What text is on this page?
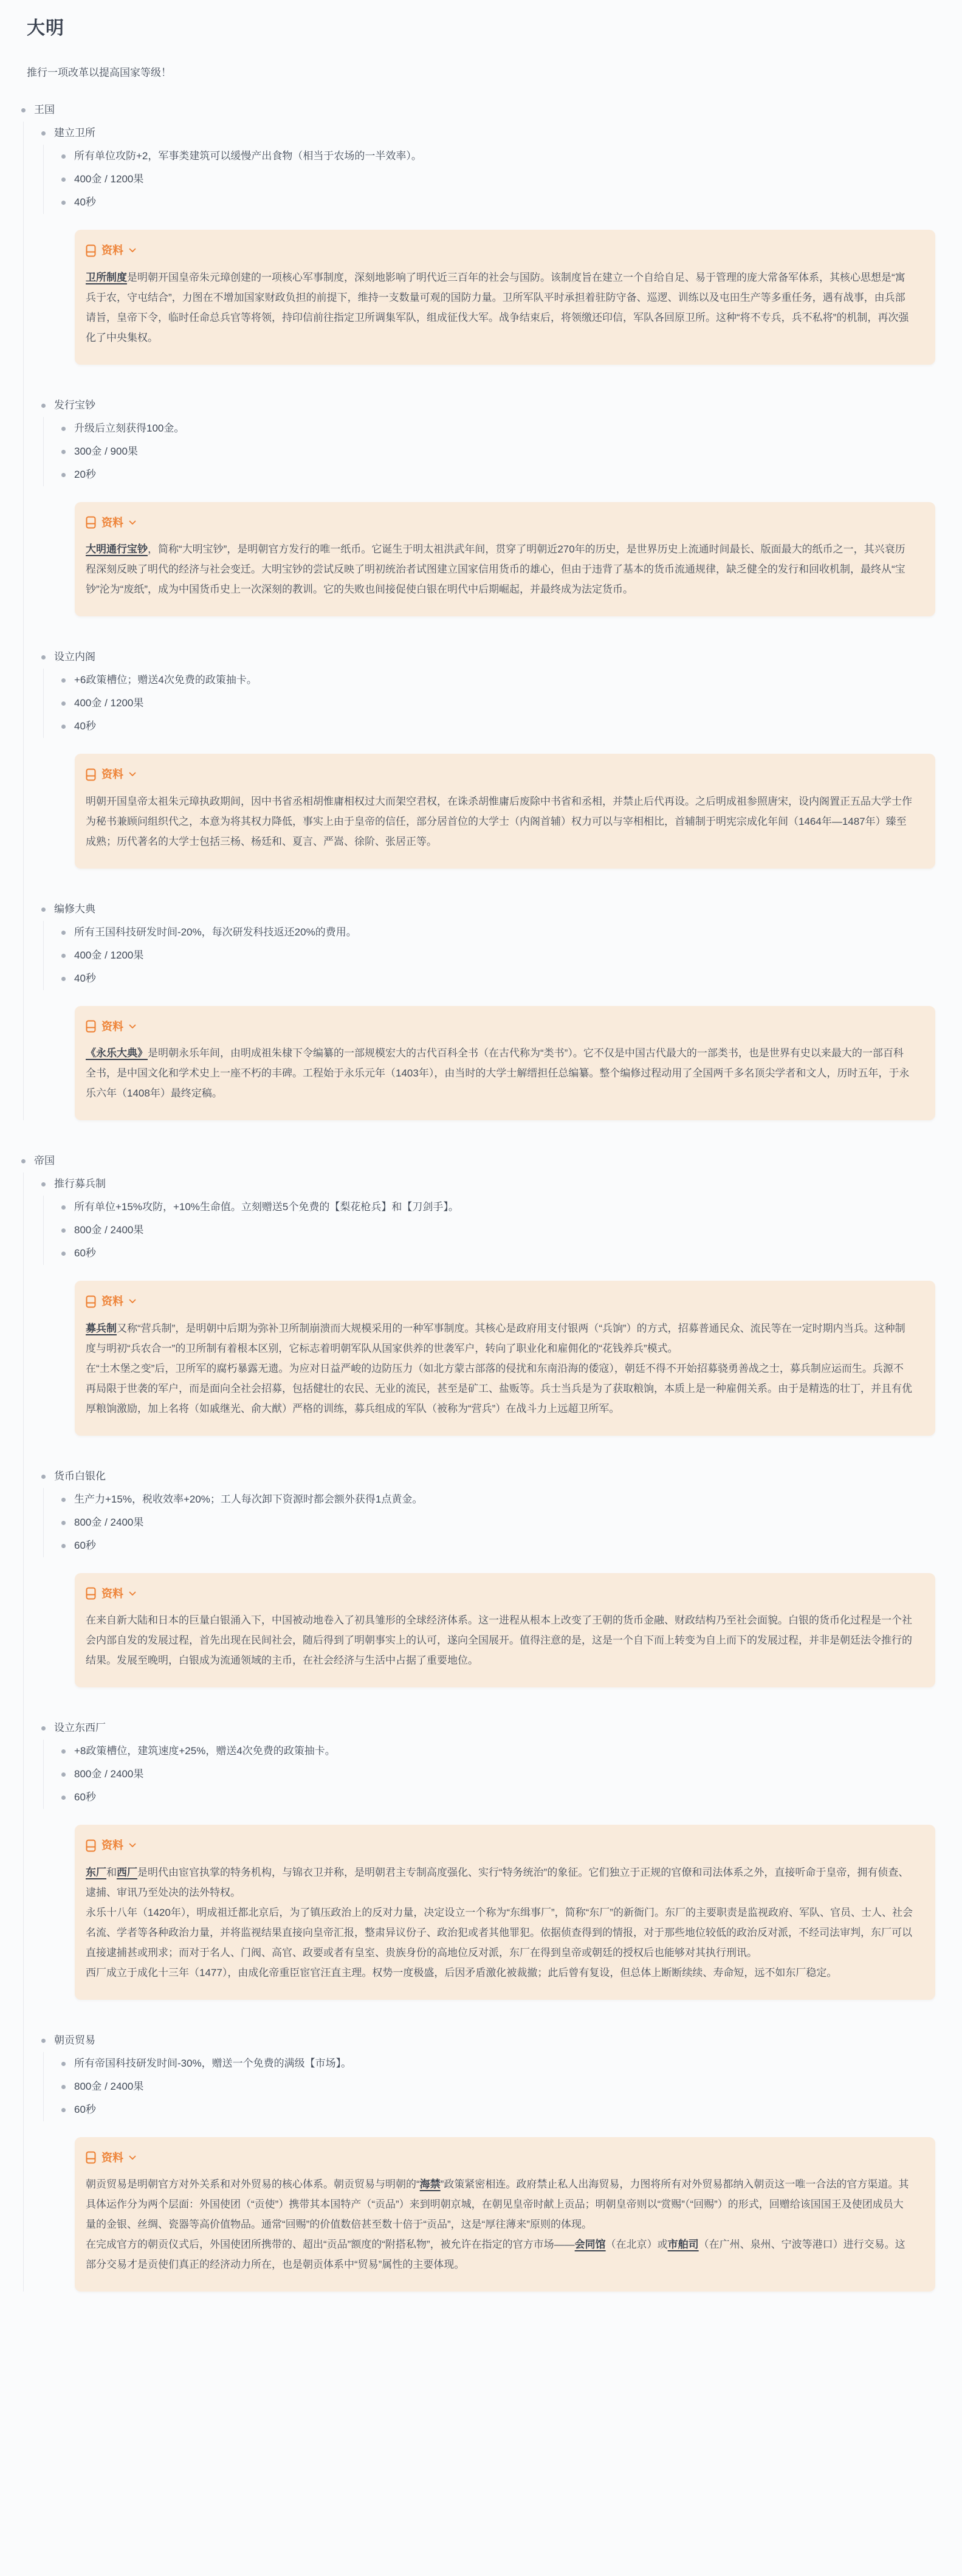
大明

推行一项改革以提高国家等级！

王国
建立卫所
所有单位攻防+2，军事类建筑可以缓慢产出食物（相当于农场的一半效率）。
400金 / 1200果
40秒
资料

卫所制度是明朝开国皇帝朱元璋创建的一项核心军事制度，深刻地影响了明代近三百年的社会与国防。该制度旨在建立一个自给自足、易于管理的庞大常备军体系，其核心思想是“寓兵于农，守屯结合”，力图在不增加国家财政负担的前提下，维持一支数量可观的国防力量。卫所军队平时承担着驻防守备、巡逻、训练以及屯田生产等多重任务，遇有战事，由兵部请旨，皇帝下令，临时任命总兵官等将领，持印信前往指定卫所调集军队，组成征伐大军。战争结束后，将领缴还印信，军队各回原卫所。这种“将不专兵，兵不私将”的机制，再次强化了中央集权。

发行宝钞
升级后立刻获得100金。
300金 / 900果
20秒
资料

大明通行宝钞，简称“大明宝钞”，是明朝官方发行的唯一纸币。它诞生于明太祖洪武年间，贯穿了明朝近270年的历史，是世界历史上流通时间最长、版面最大的纸币之一，其兴衰历程深刻反映了明代的经济与社会变迁。大明宝钞的尝试反映了明初统治者试图建立国家信用货币的雄心，但由于违背了基本的货币流通规律，缺乏健全的发行和回收机制，最终从“宝钞”沦为“废纸”，成为中国货币史上一次深刻的教训。它的失败也间接促使白银在明代中后期崛起，并最终成为法定货币。

设立内阁
+6政策槽位；赠送4次免费的政策抽卡。
400金 / 1200果
40秒
资料

明朝开国皇帝太祖朱元璋执政期间，因中书省丞相胡惟庸相权过大而架空君权，在诛杀胡惟庸后废除中书省和丞相，并禁止后代再设。之后明成祖参照唐宋，设内阁置正五品大学士作为秘书兼顾问组织代之，本意为将其权力降低，事实上由于皇帝的信任，部分居首位的大学士（内阁首辅）权力可以与宰相相比，首辅制于明宪宗成化年间（1464年—1487年）臻至成熟；历代著名的大学士包括三杨、杨廷和、夏言、严嵩、徐阶、张居正等。

编修大典
所有王国科技研发时间-20%，每次研发科技返还20%的费用。
400金 / 1200果
40秒
资料

《永乐大典》是明朝永乐年间，由明成祖朱棣下令编纂的一部规模宏大的古代百科全书（在古代称为“类书”）。它不仅是中国古代最大的一部类书，也是世界有史以来最大的一部百科全书，是中国文化和学术史上一座不朽的丰碑。工程始于永乐元年（1403年），由当时的大学士解缙担任总编纂。整个编修过程动用了全国两千多名顶尖学者和文人，历时五年，于永乐六年（1408年）最终定稿。

帝国
推行募兵制
所有单位+15%攻防，+10%生命值。立刻赠送5个免费的【梨花枪兵】和【刀剑手】。
800金 / 2400果
60秒
资料

募兵制又称“营兵制”，是明朝中后期为弥补卫所制崩溃而大规模采用的一种军事制度。其核心是政府用支付银两（“兵饷”）的方式，招募普通民众、流民等在一定时期内当兵。这种制度与明初“兵农合一”的卫所制有着根本区别，它标志着明朝军队从国家供养的世袭军户，转向了职业化和雇佣化的“花钱养兵”模式。

在“土木堡之变”后，卫所军的腐朽暴露无遗。为应对日益严峻的边防压力（如北方蒙古部落的侵扰和东南沿海的倭寇），朝廷不得不开始招募骁勇善战之士，募兵制应运而生。兵源不再局限于世袭的军户，而是面向全社会招募，包括健壮的农民、无业的流民，甚至是矿工、盐贩等。兵士当兵是为了获取粮饷，本质上是一种雇佣关系。由于是精选的壮丁，并且有优厚粮饷激励，加上名将（如戚继光、俞大猷）严格的训练，募兵组成的军队（被称为“营兵”）在战斗力上远超卫所军。

货币白银化
生产力+15%，税收效率+20%；工人每次卸下资源时都会额外获得1点黄金。
800金 / 2400果
60秒
资料

在来自新大陆和日本的巨量白银涌入下，中国被动地卷入了初具雏形的全球经济体系。这一进程从根本上改变了王朝的货币金融、财政结构乃至社会面貌。白银的货币化过程是一个社会内部自发的发展过程，首先出现在民间社会，随后得到了明朝事实上的认可，遂向全国展开。值得注意的是，这是一个自下而上转变为自上而下的发展过程，并非是朝廷法令推行的结果。发展至晚明，白银成为流通领域的主币，在社会经济与生活中占据了重要地位。

设立东西厂
+8政策槽位，建筑速度+25%，赠送4次免费的政策抽卡。
800金 / 2400果
60秒
资料

东厂和西厂是明代由宦官执掌的特务机构，与锦衣卫并称，是明朝君主专制高度强化、实行“特务统治”的象征。它们独立于正规的官僚和司法体系之外，直接听命于皇帝，拥有侦查、逮捕、审讯乃至处决的法外特权。

永乐十八年（1420年），明成祖迁都北京后，为了镇压政治上的反对力量，决定设立一个称为“东缉事厂”，简称“东厂”的新衙门。东厂的主要职责是监视政府、军队、官员、士人、社会名流、学者等各种政治力量，并将监视结果直接向皇帝汇报，整肃异议份子、政治犯或者其他罪犯。依据侦查得到的情报，对于那些地位较低的政治反对派，不经司法审判，东厂可以直接逮捕甚或刑求；而对于名人、门阀、高官、政要或者有皇室、贵族身份的高地位反对派，东厂在得到皇帝或朝廷的授权后也能够对其执行刑讯。

西厂成立于成化十三年（1477），由成化帝重臣宦官汪直主理。权势一度极盛，后因矛盾激化被裁撤；此后曾有复设，但总体上断断续续、寿命短，远不如东厂稳定。

朝贡贸易
所有帝国科技研发时间-30%，赠送一个免费的满级【市场】。
800金 / 2400果
60秒
资料

朝贡贸易是明朝官方对外关系和对外贸易的核心体系。朝贡贸易与明朝的“海禁”政策紧密相连。政府禁止私人出海贸易，力图将所有对外贸易都纳入朝贡这一唯一合法的官方渠道。其具体运作分为两个层面：外国使团（“贡使”）携带其本国特产（“贡品”）来到明朝京城，在朝见皇帝时献上贡品；明朝皇帝则以“赏赐”（“回赐”）的形式，回赠给该国国王及使团成员大量的金银、丝绸、瓷器等高价值物品。通常“回赐”的价值数倍甚至数十倍于“贡品”，这是“厚往薄来”原则的体现。

在完成官方的朝贡仪式后，外国使团所携带的、超出“贡品”额度的“附搭私物”，被允许在指定的官方市场——会同馆（在北京）或市舶司（在广州、泉州、宁波等港口）进行交易。这部分交易才是贡使们真正的经济动力所在，也是朝贡体系中“贸易”属性的主要体现。
